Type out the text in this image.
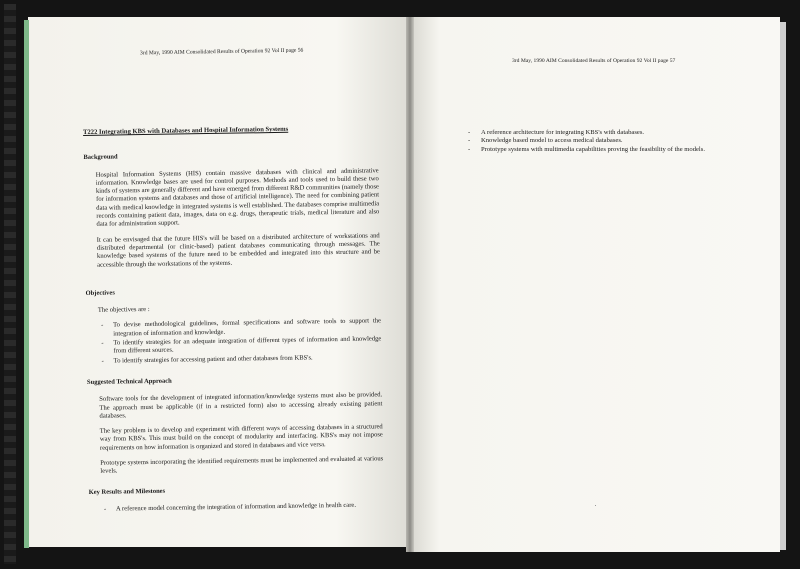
3rd May, 1990 AIM Consolidated Results of Operation 92 Vol II page 56
T222 Integrating KBS with Databases and Hospital Information Systems
Background
Hospital Information Systems (HIS) contain massive databases with clinical and administrative information. Knowledge bases are used for control purposes. Methods and tools used to build these two kinds of systems are generally different and have emerged from different R&D communities (namely those for information systems and databases and those of artificial intelligence). The need for combining patient data with medical knowledge in integrated systems is well established. The databases comprise multimedia records containing patient data, images, data on e.g. drugs, therapeutic trials, medical literature and also data for administration support.
It can be envisaged that the future HIS's will be based on a distributed architecture of workstations and distributed departmental (or clinic-based) patient databases communicating through messages. The knowledge based systems of the future need to be embedded and integrated into this structure and be accessible through the workstations of the systems.
Objectives
The objectives are :
- To devise methodological guidelines, formal specifications and software tools to support the integration of information and knowledge.
- To identify strategies for an adequate integration of different types of information and knowledge from different sources.
- To identify strategies for accessing patient and other databases from KBS's.
Suggested Technical Approach
Software tools for the development of integrated information/knowledge systems must also be provided. The approach must be applicable (if in a restricted form) also to accessing already existing patient databases.
The key problem is to develop and experiment with different ways of accessing databases in a structured way from KBS's. This must build on the concept of modularity and interfacing. KBS's may not impose requirements on how information is organized and stored in databases and vice versa.
Prototype systems incorporating the identified requirements must be implemented and evaluated at various levels.
Key Results and Milestones
- A reference model concerning the integration of information and knowledge in health care.
3rd May, 1990 AIM Consolidated Results of Operation 92 Vol II page 57
- A reference architecture for integrating KBS's with databases.
- Knowledge based model to access medical databases.
- Prototype systems with multimedia capabilities proving the feasibility of the models.
